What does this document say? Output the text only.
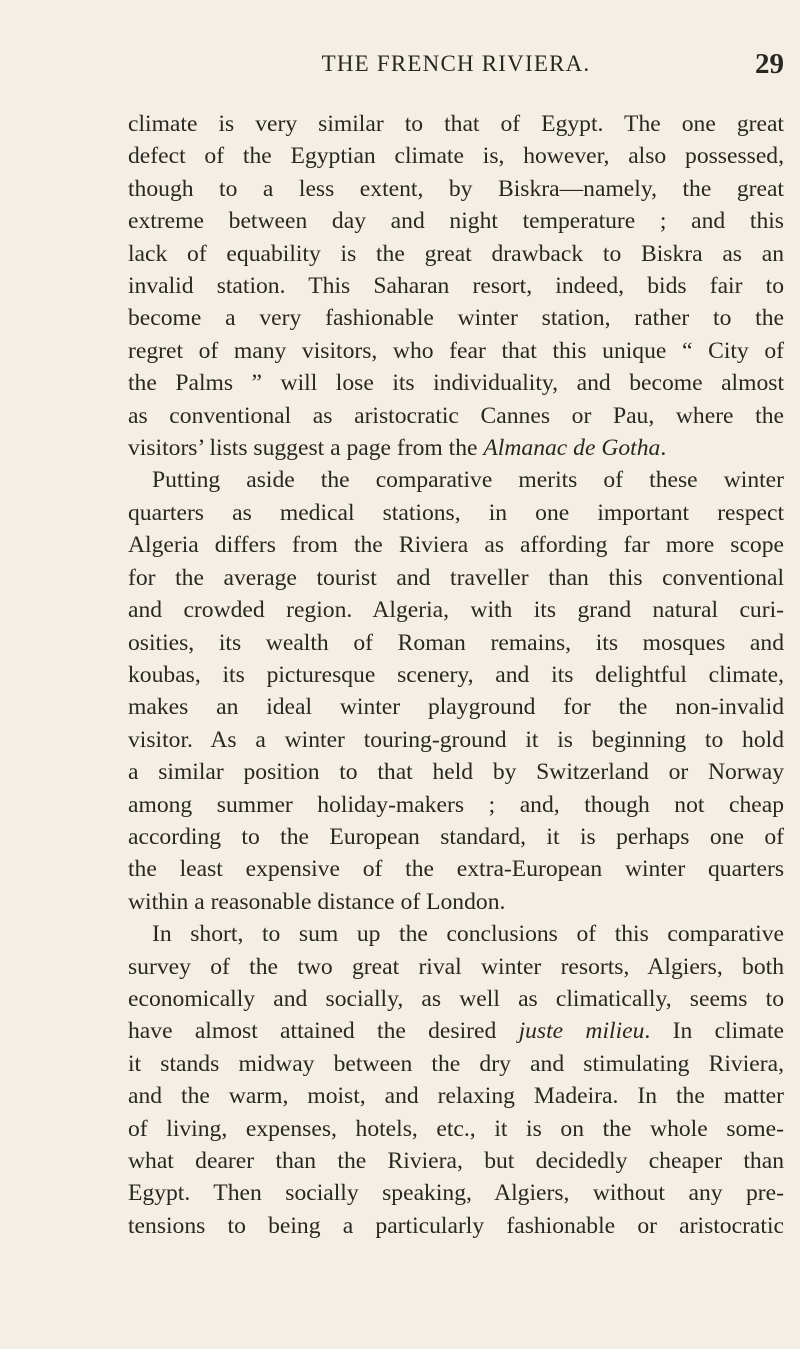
THE FRENCH RIVIERA.	29
climate is very similar to that of Egypt. The one great
defect of the Egyptian climate is, however, also possessed,
though to a less extent, by Biskra—namely, the great
extreme between day and night temperature ; and this
lack of equability is the great drawback to Biskra as an
invalid station. This Saharan resort, indeed, bids fair to
become a very fashionable winter station, rather to the
regret of many visitors, who fear that this unique “ City of
the Palms ” will lose its individuality, and become almost
as conventional as aristocratic Cannes or Pau, where the
visitors’ lists suggest a page from the Almanac de Gotha.
Putting aside the comparative merits of these winter
quarters as medical stations, in one important respect
Algeria differs from the Riviera as affording far more scope
for the average tourist and traveller than this conventional
and crowded region. Algeria, with its grand natural curi-
osities, its wealth of Roman remains, its mosques and
koubas, its picturesque scenery, and its delightful climate,
makes an ideal winter playground for the non-invalid
visitor. As a winter touring-ground it is beginning to hold
a similar position to that held by Switzerland or Norway
among summer holiday-makers ; and, though not cheap
according to the European standard, it is perhaps one of
the least expensive of the extra-European winter quarters
within a reasonable distance of London.
In short, to sum up the conclusions of this comparative
survey of the two great rival winter resorts, Algiers, both
economically and socially, as well as climatically, seems to
have almost attained the desired juste milieu. In climate
it stands midway between the dry and stimulating Riviera,
and the warm, moist, and relaxing Madeira. In the matter
of living, expenses, hotels, etc., it is on the whole some-
what dearer than the Riviera, but decidedly cheaper than
Egypt. Then socially speaking, Algiers, without any pre-
tensions to being a particularly fashionable or aristocratic
